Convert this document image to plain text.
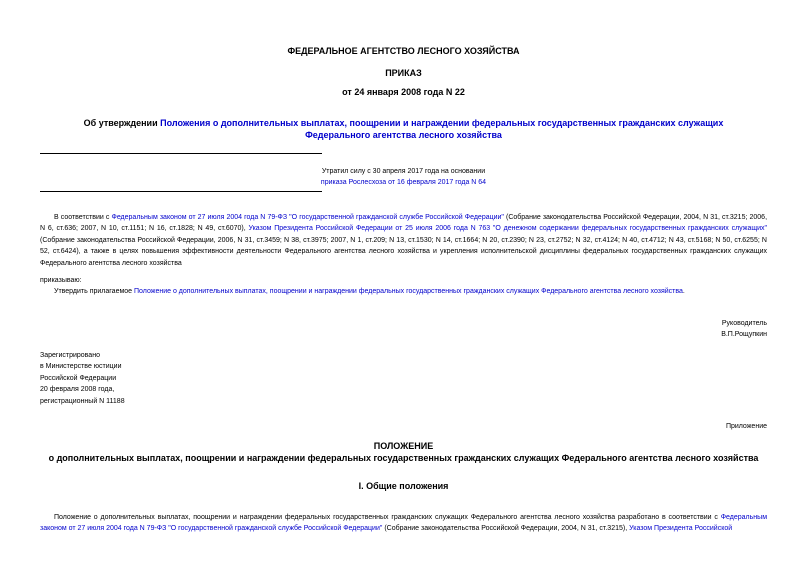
ФЕДЕРАЛЬНОЕ АГЕНТСТВО ЛЕСНОГО ХОЗЯЙСТВА
ПРИКАЗ
от 24 января 2008 года N 22
Об утверждении Положения о дополнительных выплатах, поощрении и награждении федеральных государственных гражданских служащих Федерального агентства лесного хозяйства
Утратил силу с 30 апреля 2017 года на основании
приказа Рослесхоза от 16 февраля 2017 года N 64
В соответствии с Федеральным законом от 27 июля 2004 года N 79-ФЗ "О государственной гражданской службе Российской Федерации" (Собрание законодательства Российской Федерации, 2004, N 31, ст.3215; 2006, N 6, ст.636; 2007, N 10, ст.1151; N 16, ст.1828; N 49, ст.6070), Указом Президента Российской Федерации от 25 июля 2006 года N 763 "О денежном содержании федеральных государственных гражданских служащих" (Собрание законодательства Российской Федерации, 2006, N 31, ст.3459; N 38, ст.3975; 2007, N 1, ст.209; N 13, ст.1530; N 14, ст.1664; N 20, ст.2390; N 23, ст.2752; N 32, ст.4124; N 40, ст.4712; N 43, ст.5168; N 50, ст.6255; N 52, ст.6424), а также в целях повышения эффективности деятельности Федерального агентства лесного хозяйства и укрепления исполнительской дисциплины федеральных государственных гражданских служащих Федерального агентства лесного хозяйства
приказываю:
Утвердить прилагаемое Положение о дополнительных выплатах, поощрении и награждении федеральных государственных гражданских служащих Федерального агентства лесного хозяйства.
Руководитель
В.П.Рощупкин
Зарегистрировано
в Министерстве юстиции
Российской Федерации
20 февраля 2008 года,
регистрационный N 11188
Приложение
ПОЛОЖЕНИЕ
о дополнительных выплатах, поощрении и награждении федеральных государственных гражданских служащих Федерального агентства лесного хозяйства
I. Общие положения
Положение о дополнительных выплатах, поощрении и награждении федеральных государственных гражданских служащих Федерального агентства лесного хозяйства разработано в соответствии с Федеральным законом от 27 июля 2004 года N 79-ФЗ "О государственной гражданской службе Российской Федерации" (Собрание законодательства Российской Федерации, 2004, N 31, ст.3215), Указом Президента Российской
